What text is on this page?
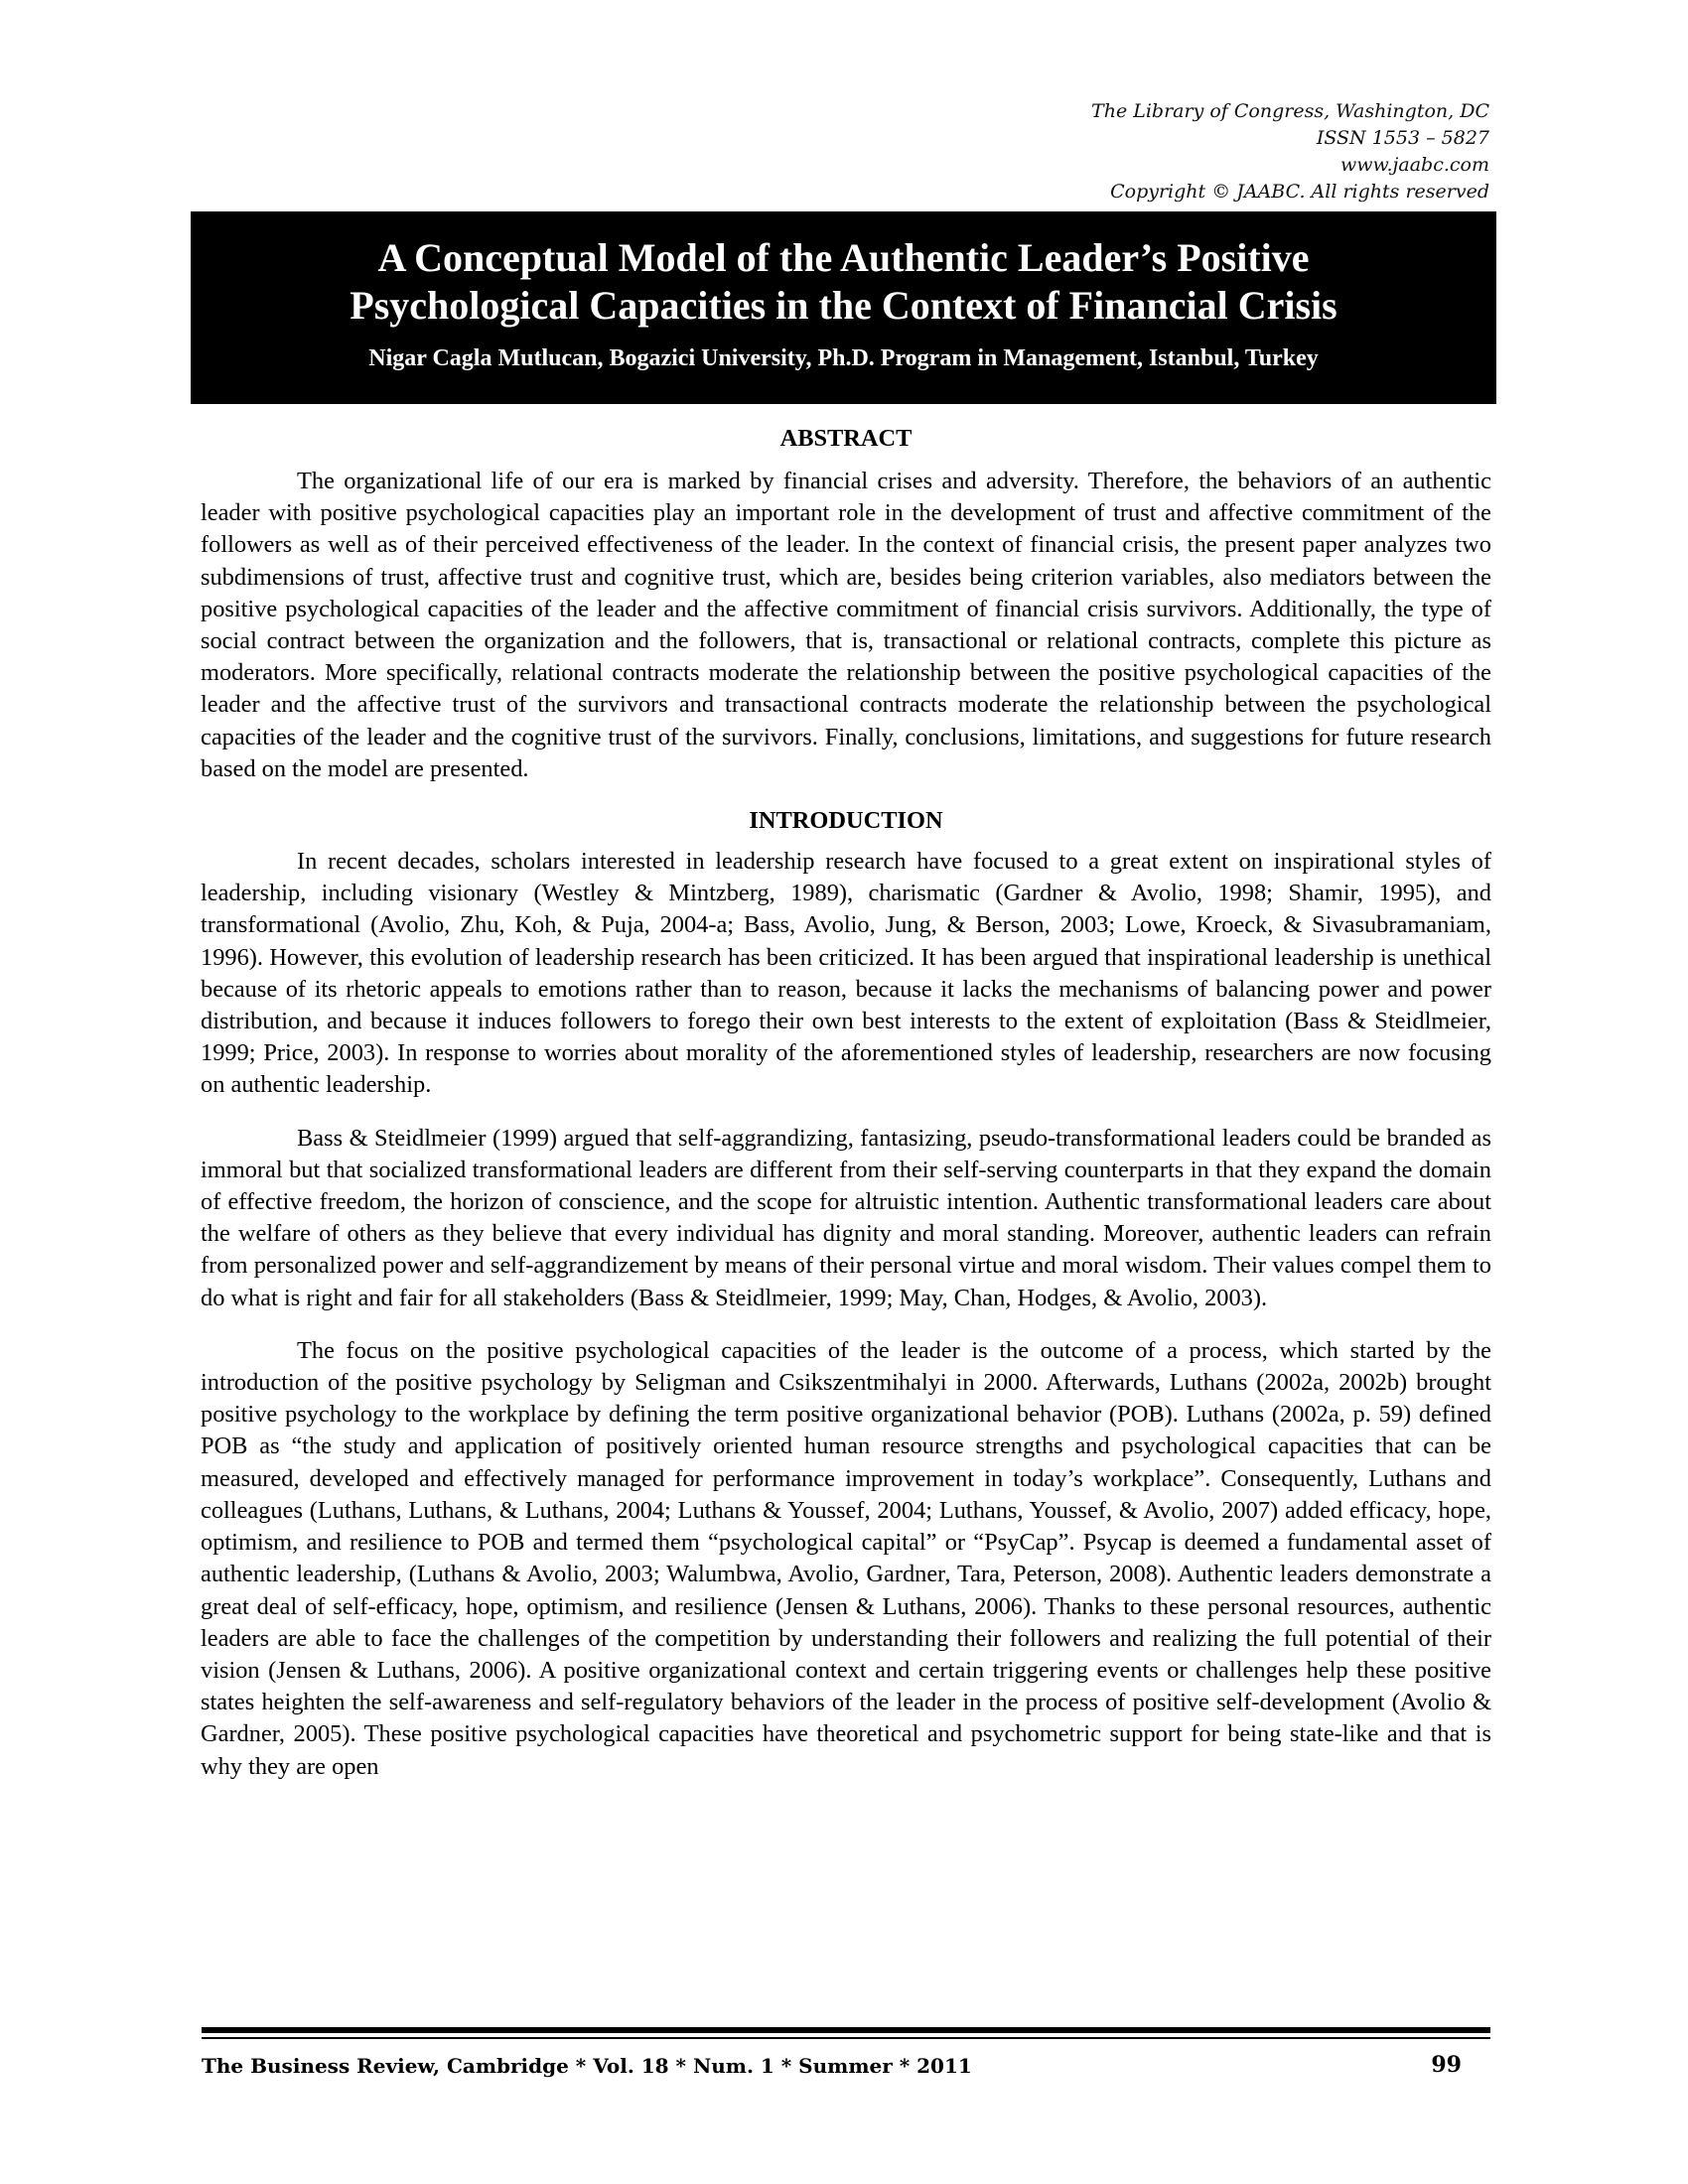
The Library of Congress, Washington, DC
ISSN 1553 – 5827
www.jaabc.com
Copyright © JAABC. All rights reserved
A Conceptual Model of the Authentic Leader’s Positive
Psychological Capacities in the Context of Financial Crisis
Nigar Cagla Mutlucan, Bogazici University, Ph.D. Program in Management, Istanbul, Turkey
ABSTRACT

The organizational life of our era is marked by financial crises and adversity. Therefore, the behaviors of an authentic leader with positive psychological capacities play an important role in the development of trust and affective commitment of the followers as well as of their perceived effectiveness of the leader. In the context of financial crisis, the present paper analyzes two subdimensions of trust, affective trust and cognitive trust, which are, besides being criterion variables, also mediators between the positive psychological capacities of the leader and the affective commitment of financial crisis survivors. Additionally, the type of social contract between the organization and the followers, that is, transactional or relational contracts, complete this picture as moderators. More specifically, relational contracts moderate the relationship between the positive psychological capacities of the leader and the affective trust of the survivors and transactional contracts moderate the relationship between the psychological capacities of the leader and the cognitive trust of the survivors. Finally, conclusions, limitations, and suggestions for future research based on the model are presented.

INTRODUCTION

In recent decades, scholars interested in leadership research have focused to a great extent on inspirational styles of leadership, including visionary (Westley & Mintzberg, 1989), charismatic (Gardner & Avolio, 1998; Shamir, 1995), and transformational (Avolio, Zhu, Koh, & Puja, 2004-a; Bass, Avolio, Jung, & Berson, 2003; Lowe, Kroeck, & Sivasubramaniam, 1996). However, this evolution of leadership research has been criticized. It has been argued that inspirational leadership is unethical because of its rhetoric appeals to emotions rather than to reason, because it lacks the mechanisms of balancing power and power distribution, and because it induces followers to forego their own best interests to the extent of exploitation (Bass & Steidlmeier, 1999; Price, 2003). In response to worries about morality of the aforementioned styles of leadership, researchers are now focusing on authentic leadership.

Bass & Steidlmeier (1999) argued that self-aggrandizing, fantasizing, pseudo-transformational leaders could be branded as immoral but that socialized transformational leaders are different from their self-serving counterparts in that they expand the domain of effective freedom, the horizon of conscience, and the scope for altruistic intention. Authentic transformational leaders care about the welfare of others as they believe that every individual has dignity and moral standing. Moreover, authentic leaders can refrain from personalized power and self-aggrandizement by means of their personal virtue and moral wisdom. Their values compel them to do what is right and fair for all stakeholders (Bass & Steidlmeier, 1999; May, Chan, Hodges, & Avolio, 2003).

The focus on the positive psychological capacities of the leader is the outcome of a process, which started by the introduction of the positive psychology by Seligman and Csikszentmihalyi in 2000. Afterwards, Luthans (2002a, 2002b) brought positive psychology to the workplace by defining the term positive organizational behavior (POB). Luthans (2002a, p. 59) defined POB as “the study and application of positively oriented human resource strengths and psychological capacities that can be measured, developed and effectively managed for performance improvement in today’s workplace”. Consequently, Luthans and colleagues (Luthans, Luthans, & Luthans, 2004; Luthans & Youssef, 2004; Luthans, Youssef, & Avolio, 2007) added efficacy, hope, optimism, and resilience to POB and termed them “psychological capital” or “PsyCap”. Psycap is deemed a fundamental asset of authentic leadership, (Luthans & Avolio, 2003; Walumbwa, Avolio, Gardner, Tara, Peterson, 2008). Authentic leaders demonstrate a great deal of self-efficacy, hope, optimism, and resilience (Jensen & Luthans, 2006). Thanks to these personal resources, authentic leaders are able to face the challenges of the competition by understanding their followers and realizing the full potential of their vision (Jensen & Luthans, 2006). A positive organizational context and certain triggering events or challenges help these positive states heighten the self-awareness and self-regulatory behaviors of the leader in the process of positive self-development (Avolio & Gardner, 2005). These positive psychological capacities have theoretical and psychometric support for being state-like and that is why they are open

The Business Review, Cambridge * Vol. 18 * Num. 1 * Summer * 2011	99
